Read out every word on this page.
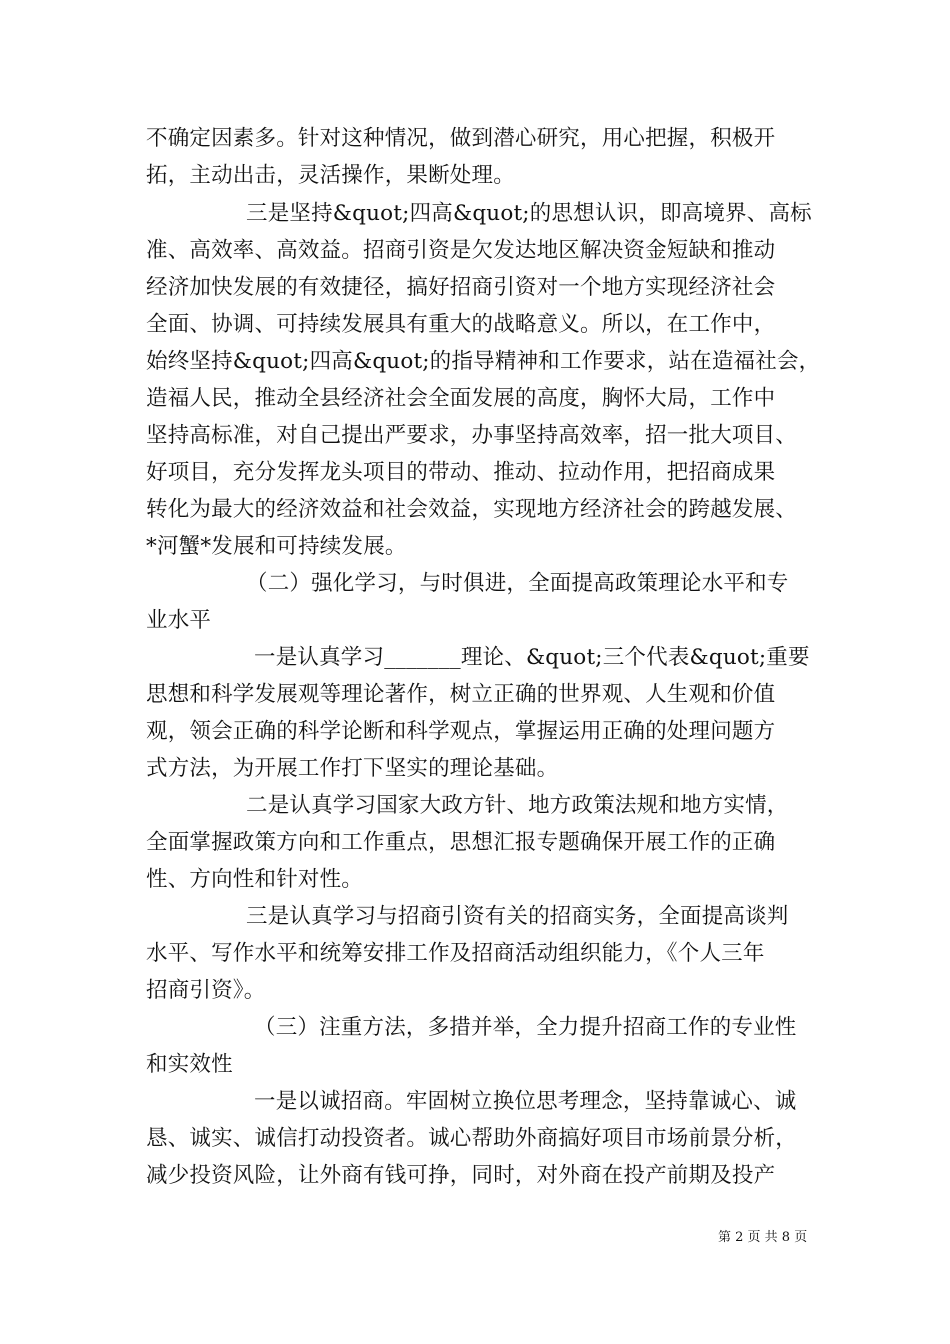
不确定因素多。针对这种情况，做到潜心研究，用心把握，积极开
拓，主动出击，灵活操作，果断处理。
三是坚持&quot;四高&quot;的思想认识，即高境界、高标
准、高效率、高效益。招商引资是欠发达地区解决资金短缺和推动
经济加快发展的有效捷径，搞好招商引资对一个地方实现经济社会
全面、协调、可持续发展具有重大的战略意义。所以，在工作中，
始终坚持&quot;四高&quot;的指导精神和工作要求，站在造福社会，
造福人民，推动全县经济社会全面发展的高度，胸怀大局，工作中
坚持高标准，对自己提出严要求，办事坚持高效率，招一批大项目、
好项目，充分发挥龙头项目的带动、推动、拉动作用，把招商成果
转化为最大的经济效益和社会效益，实现地方经济社会的跨越发展、
*河蟹*发展和可持续发展。
（二）强化学习，与时俱进，全面提高政策理论水平和专
业水平
一是认真学习_______理论、&quot;三个代表&quot;重要
思想和科学发展观等理论著作，树立正确的世界观、人生观和价值
观，领会正确的科学论断和科学观点，掌握运用正确的处理问题方
式方法，为开展工作打下坚实的理论基础。
二是认真学习国家大政方针、地方政策法规和地方实情，
全面掌握政策方向和工作重点，思想汇报专题确保开展工作的正确
性、方向性和针对性。
三是认真学习与招商引资有关的招商实务，全面提高谈判
水平、写作水平和统筹安排工作及招商活动组织能力，《个人三年
招商引资》。
（三）注重方法，多措并举，全力提升招商工作的专业性
和实效性
一是以诚招商。牢固树立换位思考理念，坚持靠诚心、诚
恳、诚实、诚信打动投资者。诚心帮助外商搞好项目市场前景分析，
减少投资风险，让外商有钱可挣，同时，对外商在投产前期及投产
第 2 页 共 8 页
